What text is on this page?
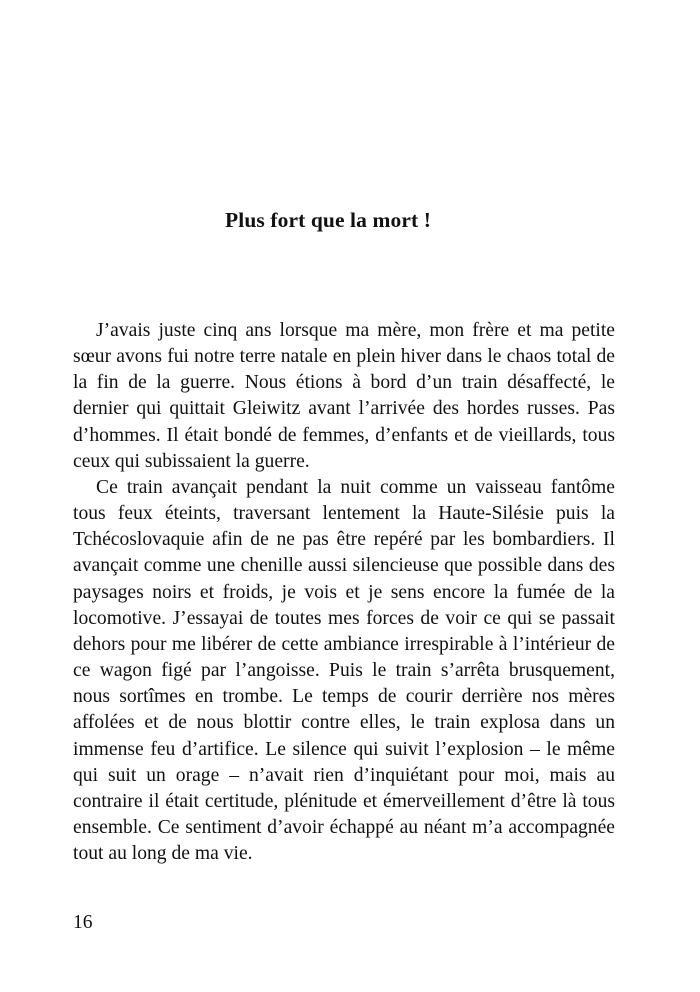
Plus fort que la mort !

J’avais juste cinq ans lorsque ma mère, mon frère et ma petite sœur avons fui notre terre natale en plein hiver dans le chaos total de la fin de la guerre. Nous étions à bord d’un train désaffecté, le dernier qui quittait Gleiwitz avant l’arrivée des hordes russes. Pas d’hommes. Il était bondé de femmes, d’enfants et de vieillards, tous ceux qui subissaient la guerre.

Ce train avançait pendant la nuit comme un vaisseau fantôme tous feux éteints, traversant lentement la Haute-Silésie puis la Tchécoslovaquie afin de ne pas être repéré par les bombardiers. Il avançait comme une chenille aussi silencieuse que possible dans des paysages noirs et froids, je vois et je sens encore la fumée de la locomotive. J’essayai de toutes mes forces de voir ce qui se passait dehors pour me libérer de cette ambiance irrespirable à l’intérieur de ce wagon figé par l’angoisse. Puis le train s’arrêta brusquement, nous sortîmes en trombe. Le temps de courir derrière nos mères affolées et de nous blottir contre elles, le train explosa dans un immense feu d’artifice. Le silence qui suivit l’explosion – le même qui suit un orage – n’avait rien d’inquiétant pour moi, mais au contraire il était certitude, plénitude et émerveillement d’être là tous ensemble. Ce sentiment d’avoir échappé au néant m’a accompagnée tout au long de ma vie.

16
